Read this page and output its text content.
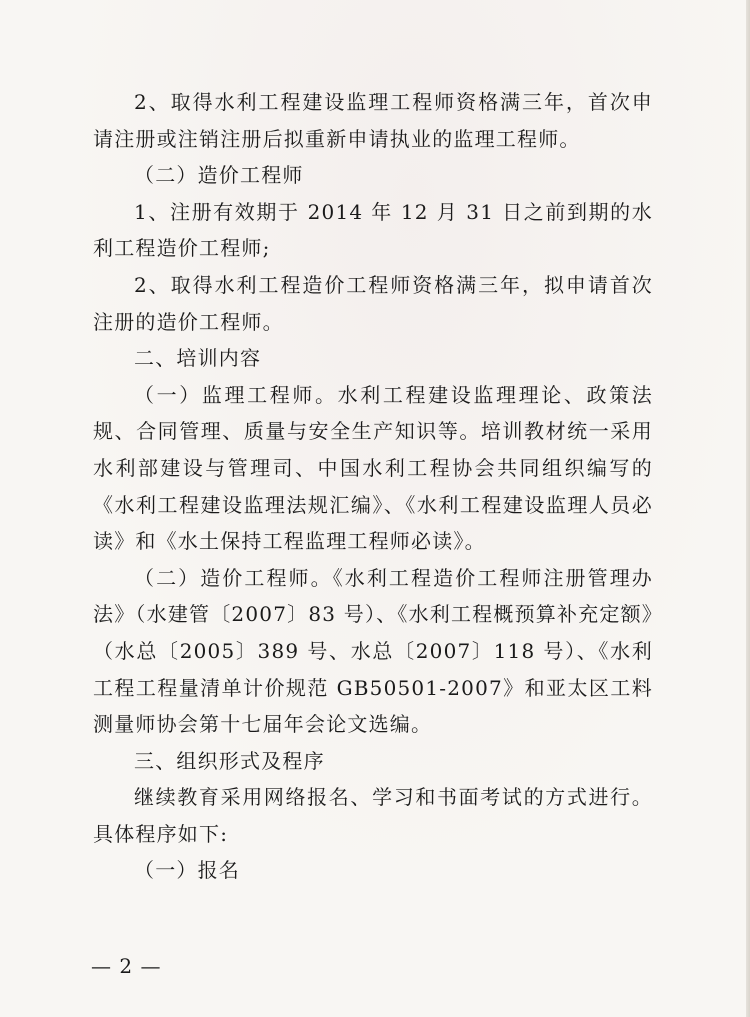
2、取得水利工程建设监理工程师资格满三年，首次申请注册或注销注册后拟重新申请执业的监理工程师。

（二）造价工程师

1、注册有效期于 2014 年 12 月 31 日之前到期的水利工程造价工程师;

2、取得水利工程造价工程师资格满三年，拟申请首次注册的造价工程师。

二、培训内容

（一）监理工程师。水利工程建设监理理论、政策法规、合同管理、质量与安全生产知识等。培训教材统一采用水利部建设与管理司、中国水利工程协会共同组织编写的《水利工程建设监理法规汇编》、《水利工程建设监理人员必读》和《水土保持工程监理工程师必读》。

（二）造价工程师。《水利工程造价工程师注册管理办法》（水建管〔2007〕83 号）、《水利工程概预算补充定额》（水总〔2005〕389 号、水总〔2007〕118 号）、《水利工程工程量清单计价规范 GB50501-2007》和亚太区工料测量师协会第十七届年会论文选编。

三、组织形式及程序

继续教育采用网络报名、学习和书面考试的方式进行。具体程序如下:

（一）报名

— 2 —
